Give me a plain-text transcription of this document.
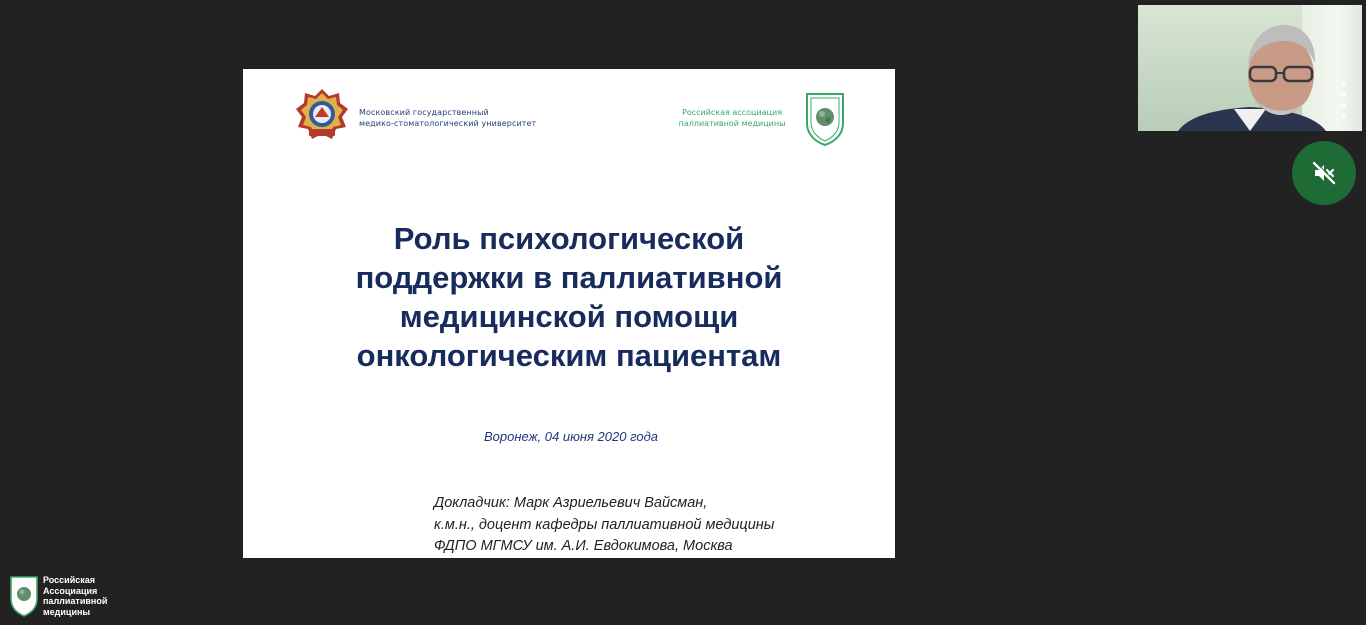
Московский государственный
медико-стоматологический университет
Российская ассоциация
паллиативной медицины
Роль психологической
поддержки в паллиативной
медицинской помощи
онкологическим пациентам
Воронеж, 04 июня 2020 года
Докладчик: Марк Азриельевич Вайсман,
к.м.н., доцент кафедры паллиативной медицины
ФДПО МГМСУ им. А.И. Евдокимова, Москва
Российская
Ассоциация
паллиативной
медицины
